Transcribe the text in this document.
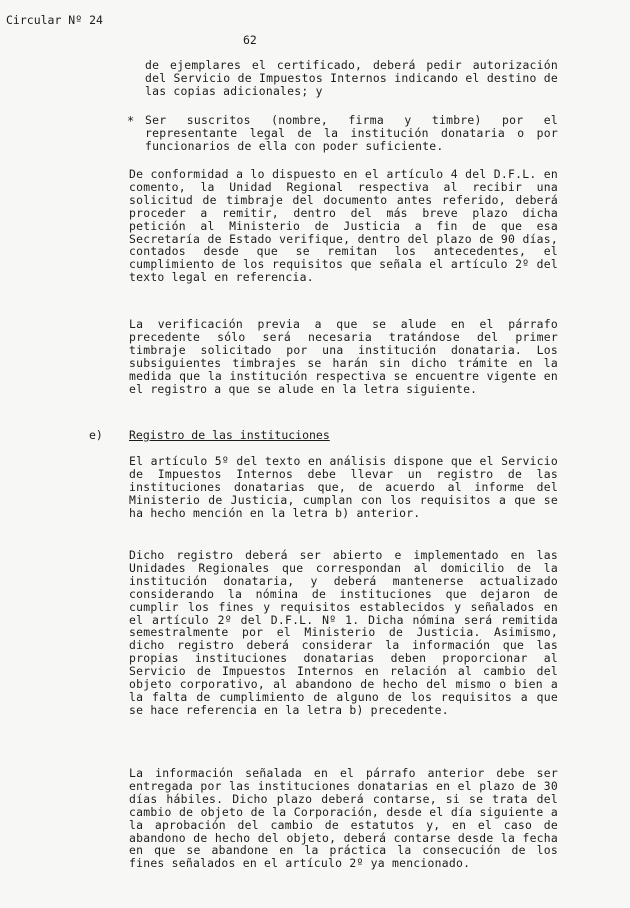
Circular Nº 24
62

de ejemplares el certificado, deberá pedir autorización del Servicio de Impuestos Internos indicando el destino de las copias adicionales; y

* Ser suscritos (nombre, firma y timbre) por el representante legal de la institución donataria o por funcionarios de ella con poder suficiente.

De conformidad a lo dispuesto en el artículo 4 del D.F.L. en comento, la Unidad Regional respectiva al recibir una solicitud de timbraje del documento antes referido, deberá proceder a remitir, dentro del más breve plazo dicha petición al Ministerio de Justicia a fin de que esa Secretaría de Estado verifique, dentro del plazo de 90 días, contados desde que se remitan los antecedentes, el cumplimiento de los requisitos que señala el artículo 2º del texto legal en referencia.

La verificación previa a que se alude en el párrafo precedente sólo será necesaria tratándose del primer timbraje solicitado por una institución donataria. Los subsiguientes timbrajes se harán sin dicho trámite en la medida que la institución respectiva se encuentre vigente en el registro a que se alude en la letra siguiente.

e) Registro de las instituciones

El artículo 5º del texto en análisis dispone que el Servicio de Impuestos Internos debe llevar un registro de las instituciones donatarias que, de acuerdo al informe del Ministerio de Justicia, cumplan con los requisitos a que se ha hecho mención en la letra b) anterior.

Dicho registro deberá ser abierto e implementado en las Unidades Regionales que correspondan al domicilio de la institución donataria, y deberá mantenerse actualizado considerando la nómina de instituciones que dejaron de cumplir los fines y requisitos establecidos y señalados en el artículo 2º del D.F.L. Nº 1. Dicha nómina será remitida semestralmente por el Ministerio de Justicia. Asimismo, dicho registro deberá considerar la información que las propias instituciones donatarias deben proporcionar al Servicio de Impuestos Internos en relación al cambio del objeto corporativo, al abandono de hecho del mismo o bien a la falta de cumplimiento de alguno de los requisitos a que se hace referencia en la letra b) precedente.

La información señalada en el párrafo anterior debe ser entregada por las instituciones donatarias en el plazo de 30 días hábiles. Dicho plazo deberá contarse, si se trata del cambio de objeto de la Corporación, desde el día siguiente a la aprobación del cambio de estatutos y, en el caso de abandono de hecho del objeto, deberá contarse desde la fecha en que se abandone en la práctica la consecución de los fines señalados en el artículo 2º ya mencionado.
